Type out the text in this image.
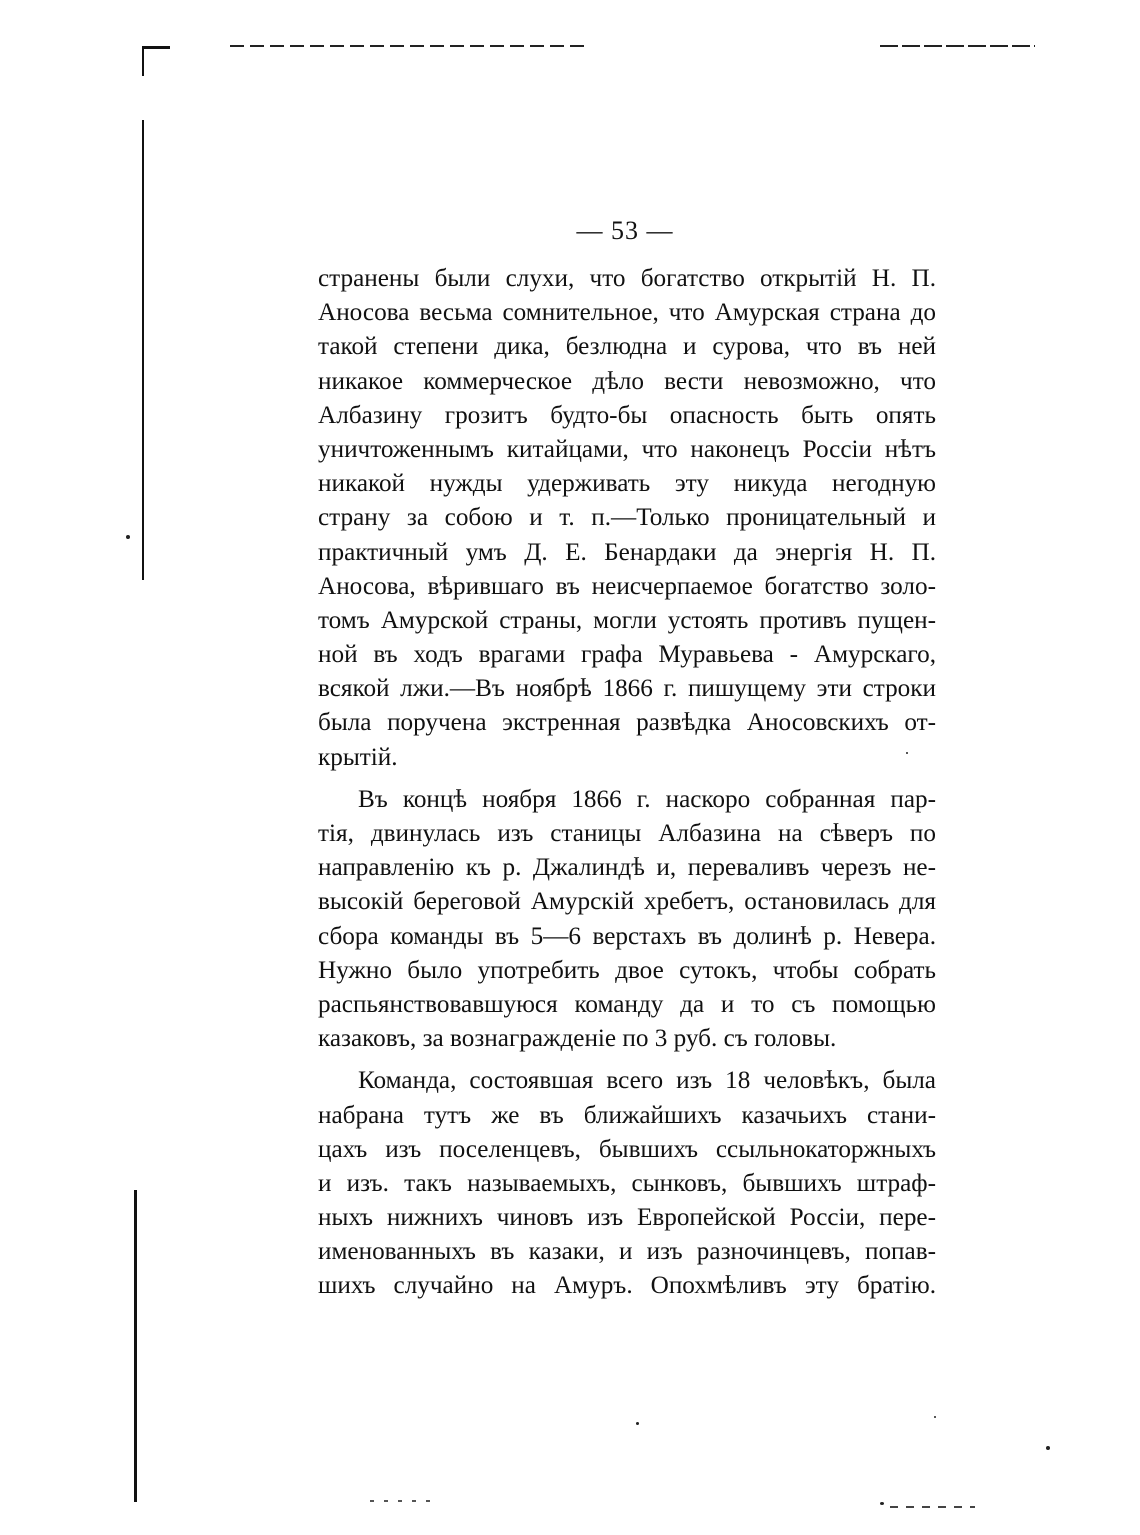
— 53 —
странены были слухи, что богатство открытій Н. П.
Аносова весьма сомнительное, что Амурская страна до
такой степени дика, безлюдна и сурова, что въ ней
никакое коммерческое дѣло вести невозможно, что
Албазину грозитъ будто-бы опасность быть опять
уничтоженнымъ китайцами, что наконецъ Россіи нѣтъ
никакой нужды удерживать эту никуда негодную
страну за собою и т. п.—Только проницательный и
практичный умъ Д. Е. Бенардаки да энергія Н. П.
Аносова, вѣрившаго въ неисчерпаемое богатство золо-
томъ Амурской страны, могли устоять противъ пущен-
ной въ ходъ врагами графа Муравьева - Амурскаго,
всякой лжи.—Въ ноябрѣ 1866 г. пишущему эти строки
была поручена экстренная развѣдка Аносовскихъ от-
крытій.
Въ концѣ ноября 1866 г. наскоро собранная пар-
тія, двинулась изъ станицы Албазина на сѣверъ по
направленію къ р. Джалиндѣ и, переваливъ черезъ не-
высокій береговой Амурскій хребетъ, остановилась для
сбора команды въ 5—6 верстахъ въ долинѣ р. Невера.
Нужно было употребить двое сутокъ, чтобы собрать
распьянствовавшуюся команду да и то съ помощью
казаковъ, за вознагражденіе по 3 руб. съ головы.
Команда, состоявшая всего изъ 18 человѣкъ, была
набрана тутъ же въ ближайшихъ казачьихъ стани-
цахъ изъ поселенцевъ, бывшихъ ссыльнокаторжныхъ
и изъ. такъ называемыхъ, сынковъ, бывшихъ штраф-
ныхъ нижнихъ чиновъ изъ Европейской Россіи, пере-
именованныхъ въ казаки, и изъ разночинцевъ, попав-
шихъ случайно на Амуръ. Опохмѣливъ эту братію.
